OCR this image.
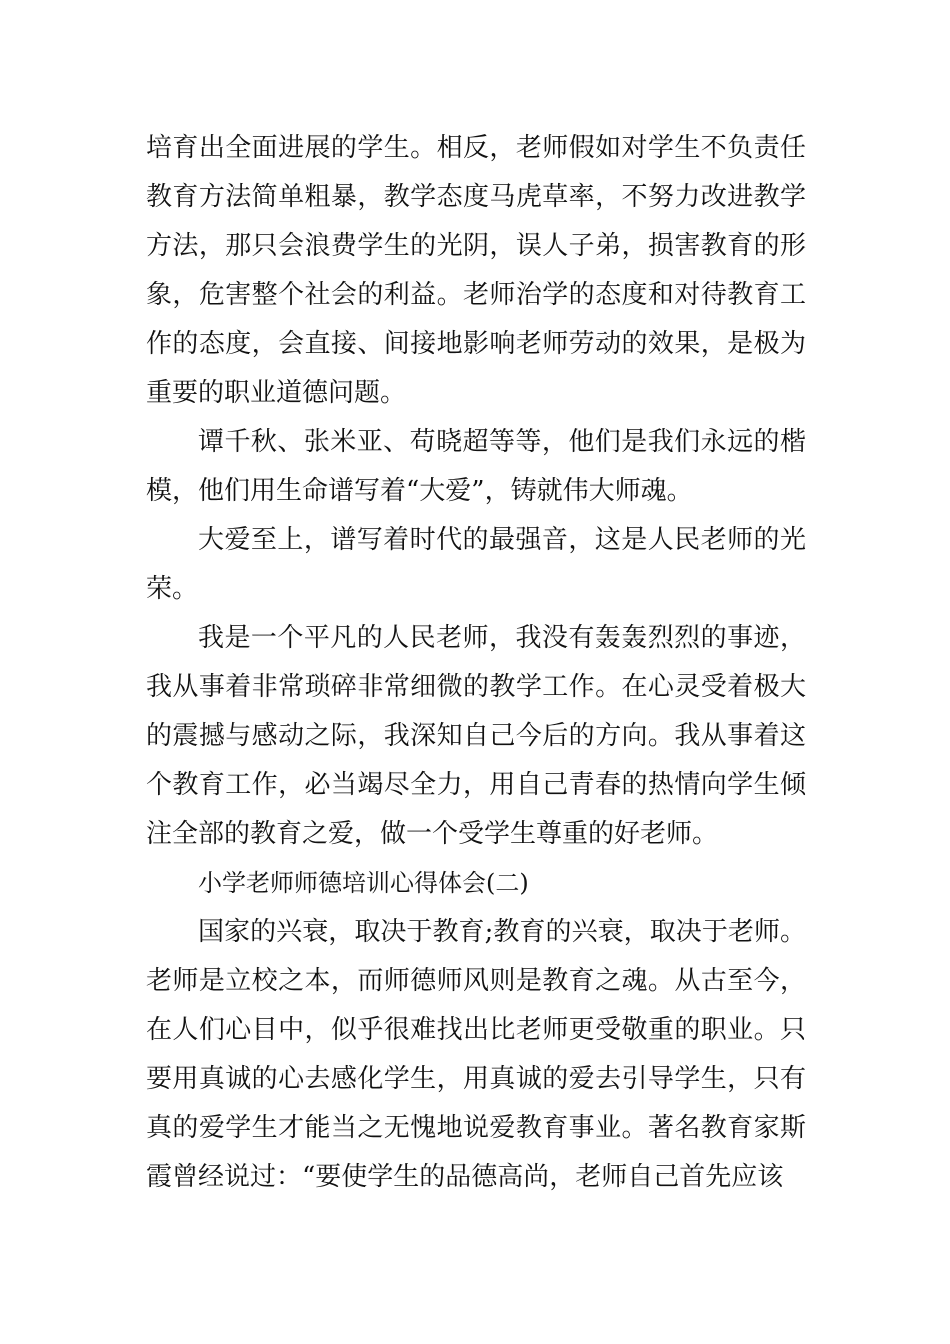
培育出全面进展的学生。相反，老师假如对学生不负责任教育方法简单粗暴，教学态度马虎草率，不努力改进教学方法，那只会浪费学生的光阴，误人子弟，损害教育的形象，危害整个社会的利益。老师治学的态度和对待教育工作的态度，会直接、间接地影响老师劳动的效果，是极为重要的职业道德问题。

谭千秋、张米亚、苟晓超等等，他们是我们永远的楷模，他们用生命谱写着“大爱”，铸就伟大师魂。

大爱至上，谱写着时代的最强音，这是人民老师的光荣。

我是一个平凡的人民老师，我没有轰轰烈烈的事迹，我从事着非常琐碎非常细微的教学工作。在心灵受着极大的震撼与感动之际，我深知自己今后的方向。我从事着这个教育工作，必当竭尽全力，用自己青春的热情向学生倾注全部的教育之爱，做一个受学生尊重的好老师。

小学老师师德培训心得体会(二)

国家的兴衰，取决于教育;教育的兴衰，取决于老师。老师是立校之本，而师德师风则是教育之魂。从古至今，在人们心目中，似乎很难找出比老师更受敬重的职业。只要用真诚的心去感化学生，用真诚的爱去引导学生，只有真的爱学生才能当之无愧地说爱教育事业。著名教育家斯霞曾经说过：“要使学生的品德高尚，老师自己首先应该
